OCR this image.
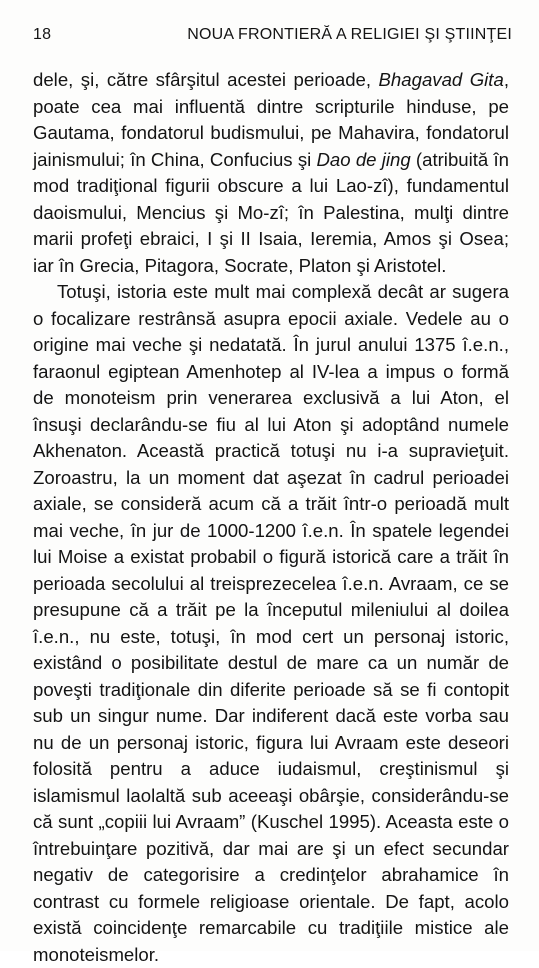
18	NOUA FRONTIERĂ A RELIGIEI ŞI ŞTIINŢEI

dele, şi, către sfârşitul acestei perioade, Bhagavad Gita, poate cea mai influentă dintre scripturile hinduse, pe Gautama, fondatorul budismului, pe Mahavira, fondatorul jainismului; în China, Confucius şi Dao de jing (atribuită în mod tradiţional figurii obscure a lui Lao-zî), fundamentul daoismului, Mencius şi Mo-zî; în Palestina, mulţi dintre marii profeţi ebraici, I şi II Isaia, Ieremia, Amos şi Osea; iar în Grecia, Pitagora, Socrate, Platon şi Aristotel.

Totuşi, istoria este mult mai complexă decât ar sugera o focalizare restrânsă asupra epocii axiale. Vedele au o origine mai veche şi nedatată. În jurul anului 1375 î.e.n., faraonul egiptean Amenhotep al IV-lea a impus o formă de monoteism prin venerarea exclusivă a lui Aton, el însuşi declarându-se fiu al lui Aton şi adoptând numele Akhenaton. Această practică totuşi nu i-a supravieţuit. Zoroastru, la un moment dat aşezat în cadrul perioadei axiale, se consideră acum că a trăit într-o perioadă mult mai veche, în jur de 1000-1200 î.e.n. În spatele legendei lui Moise a existat probabil o figură istorică care a trăit în perioada secolului al treisprezecelea î.e.n. Avraam, ce se presupune că a trăit pe la începutul mileniului al doilea î.e.n., nu este, totuşi, în mod cert un personaj istoric, existând o posibilitate destul de mare ca un număr de poveşti tradiţionale din diferite perioade să se fi contopit sub un singur nume. Dar indiferent dacă este vorba sau nu de un personaj istoric, figura lui Avraam este deseori folosită pentru a aduce iudaismul, creştinismul şi islamismul laolaltă sub aceeaşi obârşie, considerându-se că sunt „copiii lui Avraam” (Kuschel 1995). Aceasta este o întrebuinţare pozitivă, dar mai are şi un efect secundar negativ de categorisire a credinţelor abrahamice în contrast cu formele religioase orientale. De fapt, acolo există coincidenţe remarcabile cu tradiţiile mistice ale monoteismelor.
